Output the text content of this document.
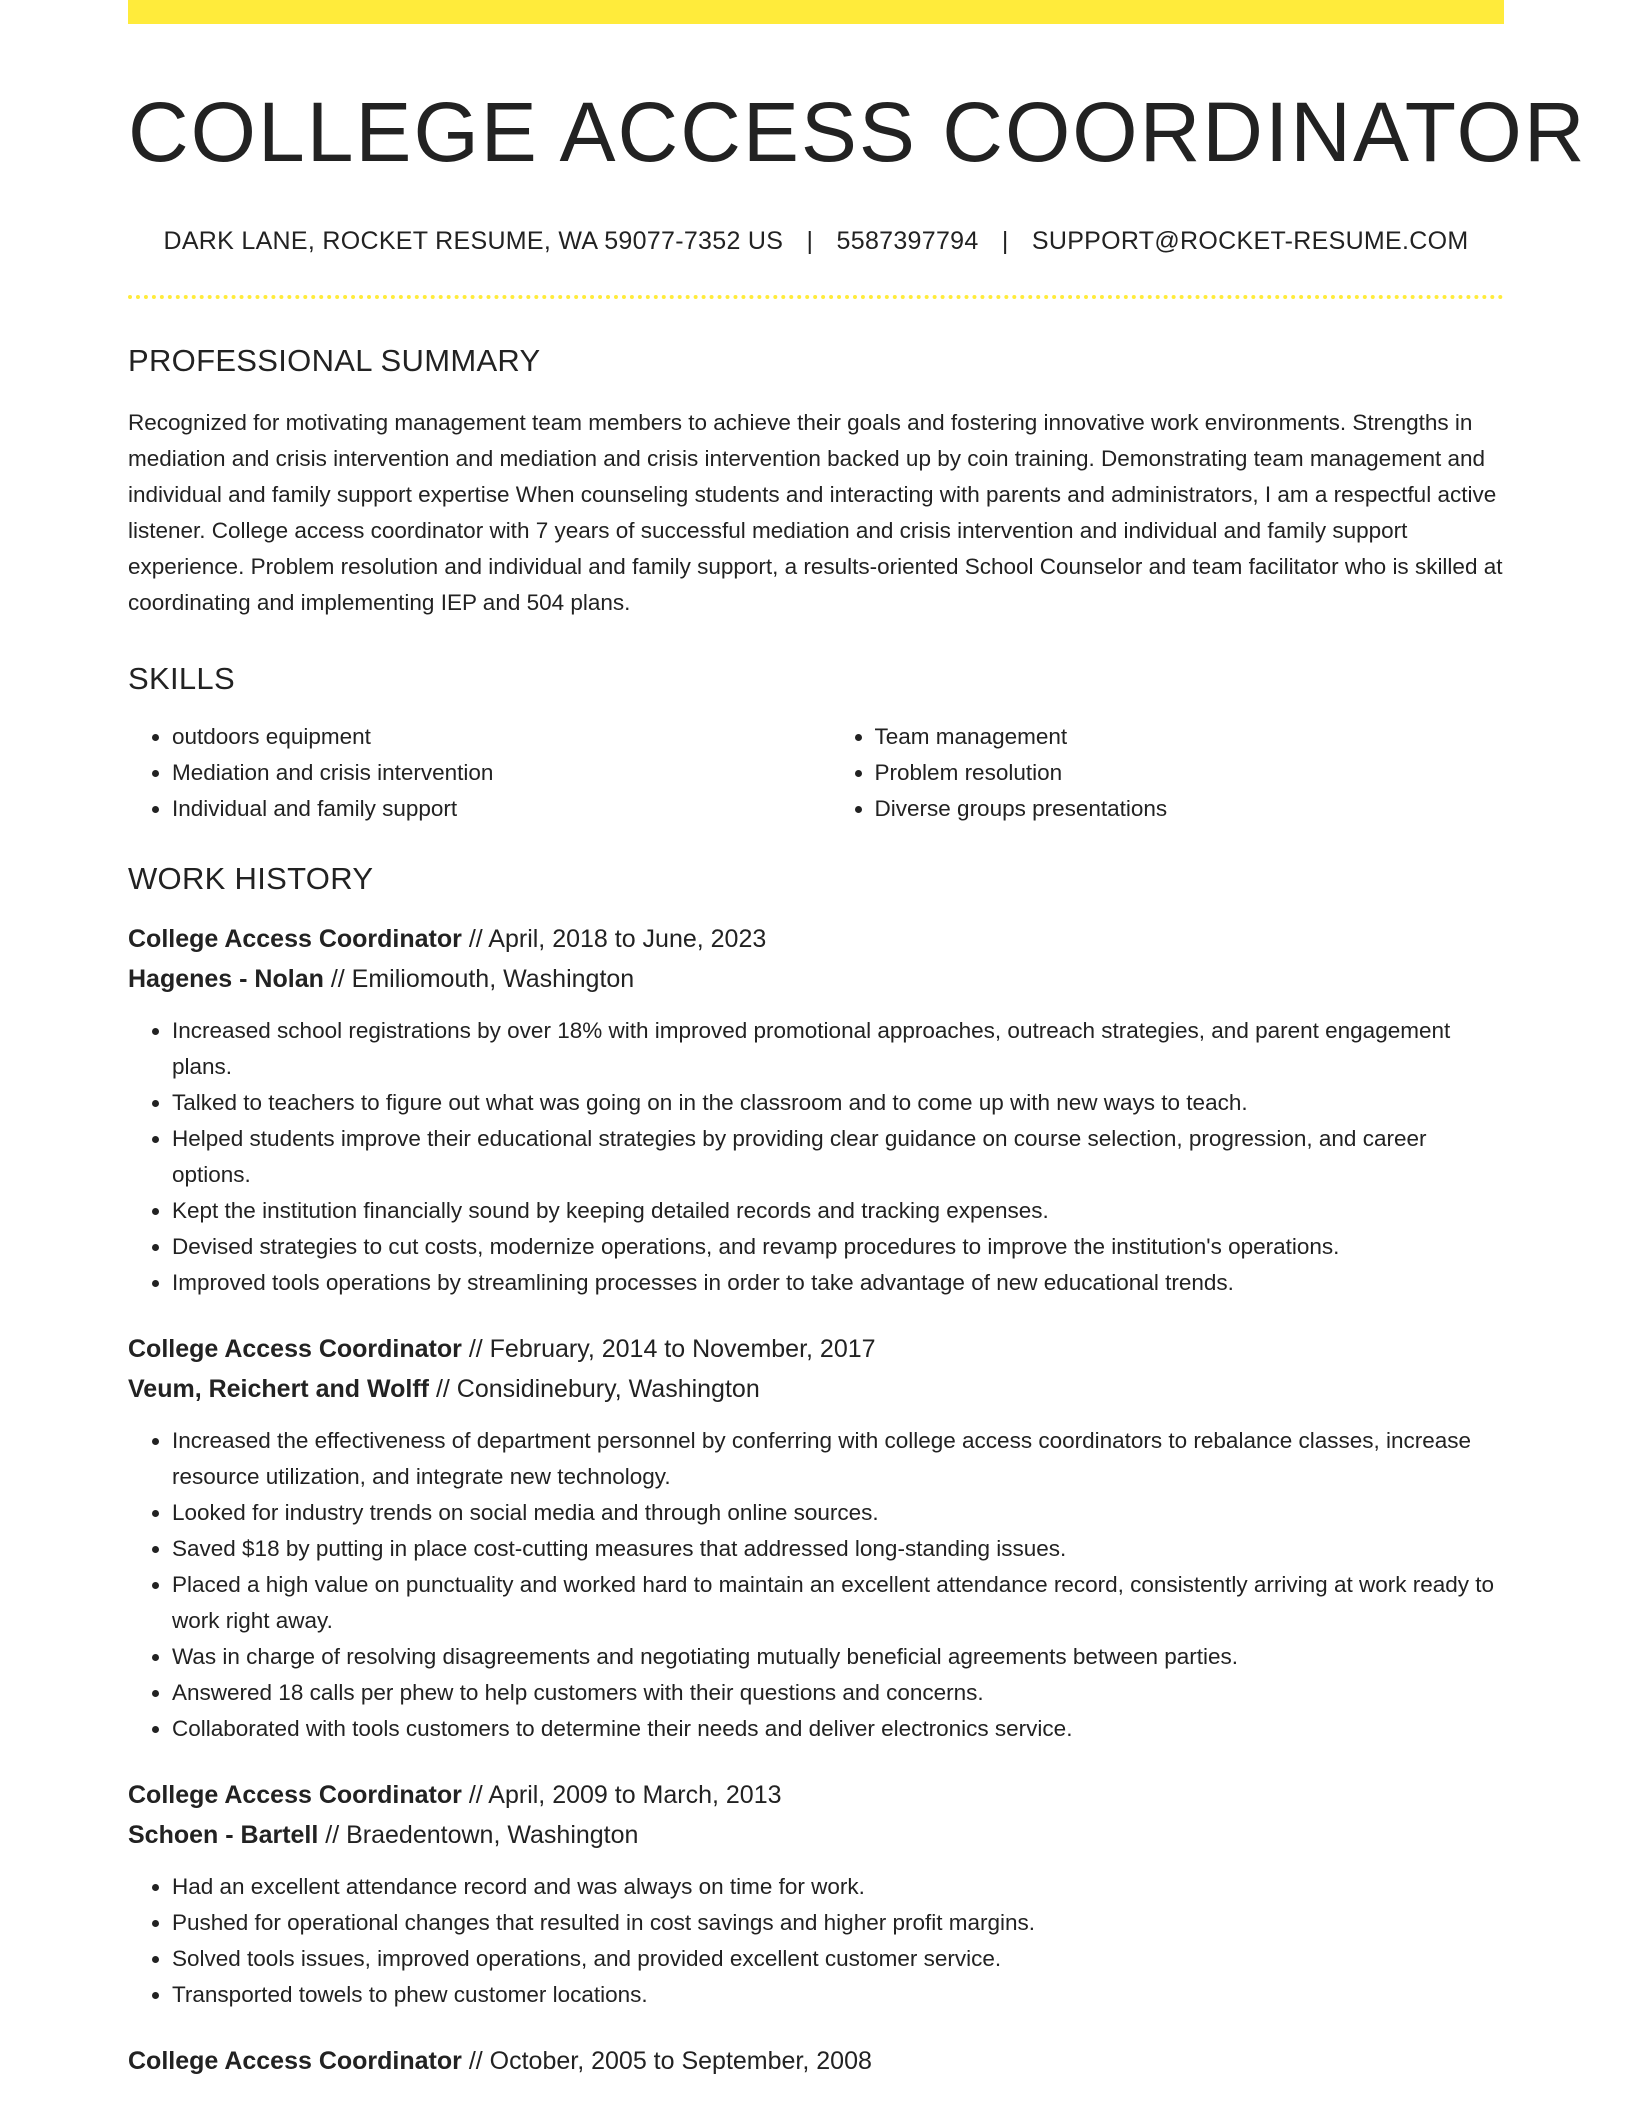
COLLEGE ACCESS COORDINATOR
DARK LANE, ROCKET RESUME, WA 59077-7352 US | 5587397794 | SUPPORT@ROCKET-RESUME.COM
PROFESSIONAL SUMMARY

Recognized for motivating management team members to achieve their goals and fostering innovative work environments. Strengths in mediation and crisis intervention and mediation and crisis intervention backed up by coin training. Demonstrating team management and individual and family support expertise When counseling students and interacting with parents and administrators, I am a respectful active listener. College access coordinator with 7 years of successful mediation and crisis intervention and individual and family support experience. Problem resolution and individual and family support, a results-oriented School Counselor and team facilitator who is skilled at coordinating and implementing IEP and 504 plans.

SKILLS
• outdoors equipment
• Mediation and crisis intervention
• Individual and family support
• Team management
• Problem resolution
• Diverse groups presentations
WORK HISTORY

College Access Coordinator // April, 2018 to June, 2023

Hagenes - Nolan // Emiliomouth, Washington

• Increased school registrations by over 18% with improved promotional approaches, outreach strategies, and parent engagement plans.
• Talked to teachers to figure out what was going on in the classroom and to come up with new ways to teach.
• Helped students improve their educational strategies by providing clear guidance on course selection, progression, and career options.
• Kept the institution financially sound by keeping detailed records and tracking expenses.
• Devised strategies to cut costs, modernize operations, and revamp procedures to improve the institution's operations.
• Improved tools operations by streamlining processes in order to take advantage of new educational trends.

College Access Coordinator // February, 2014 to November, 2017

Veum, Reichert and Wolff // Considinebury, Washington

• Increased the effectiveness of department personnel by conferring with college access coordinators to rebalance classes, increase resource utilization, and integrate new technology.
• Looked for industry trends on social media and through online sources.
• Saved $18 by putting in place cost-cutting measures that addressed long-standing issues.
• Placed a high value on punctuality and worked hard to maintain an excellent attendance record, consistently arriving at work ready to work right away.
• Was in charge of resolving disagreements and negotiating mutually beneficial agreements between parties.
• Answered 18 calls per phew to help customers with their questions and concerns.
• Collaborated with tools customers to determine their needs and deliver electronics service.

College Access Coordinator // April, 2009 to March, 2013

Schoen - Bartell // Braedentown, Washington

• Had an excellent attendance record and was always on time for work.
• Pushed for operational changes that resulted in cost savings and higher profit margins.
• Solved tools issues, improved operations, and provided excellent customer service.
• Transported towels to phew customer locations.

College Access Coordinator // October, 2005 to September, 2008
